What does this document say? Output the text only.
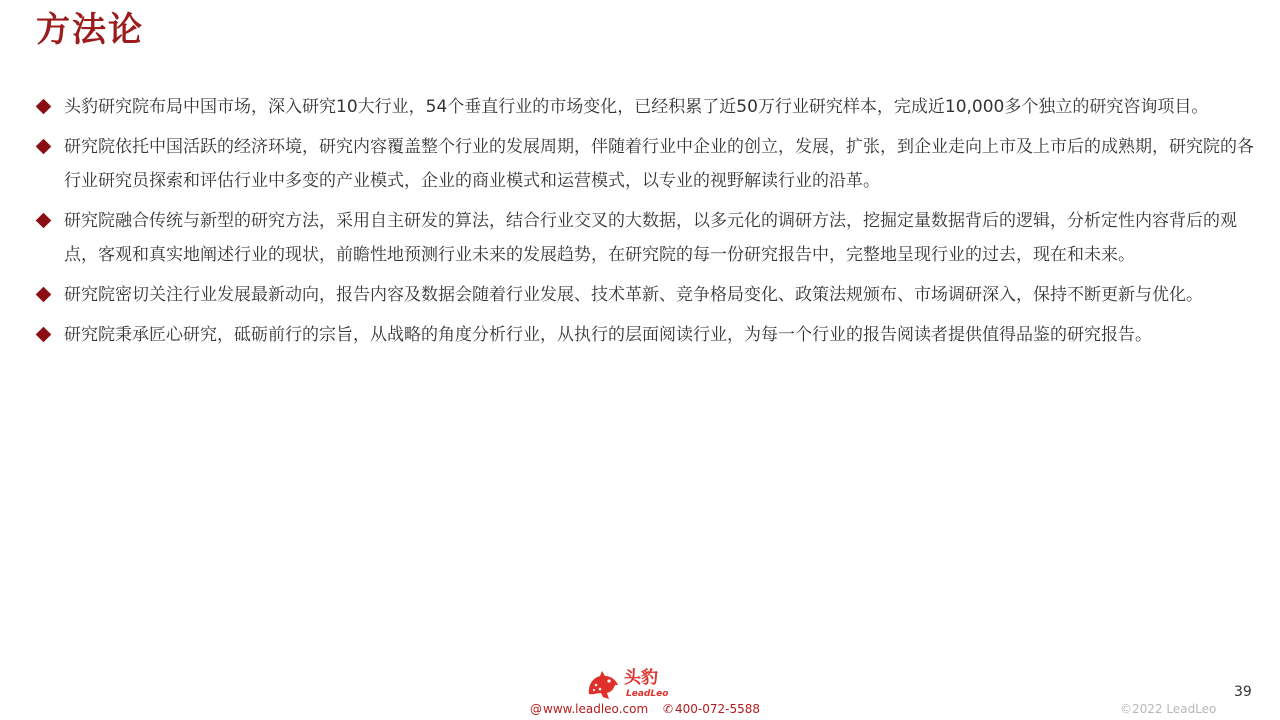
方法论
头豹研究院布局中国市场，深入研究10大行业，54个垂直行业的市场变化，已经积累了近50万行业研究样本，完成近10,000多个独立的研究咨询项目。
研究院依托中国活跃的经济环境，研究内容覆盖整个行业的发展周期，伴随着行业中企业的创立，发展，扩张，到企业走向上市及上市后的成熟期，研究院的各行业研究员探索和评估行业中多变的产业模式，企业的商业模式和运营模式，以专业的视野解读行业的沿革。
研究院融合传统与新型的研究方法，采用自主研发的算法，结合行业交叉的大数据，以多元化的调研方法，挖掘定量数据背后的逻辑，分析定性内容背后的观点，客观和真实地阐述行业的现状，前瞻性地预测行业未来的发展趋势，在研究院的每一份研究报告中，完整地呈现行业的过去，现在和未来。
研究院密切关注行业发展最新动向，报告内容及数据会随着行业发展、技术革新、竞争格局变化、政策法规颁布、市场调研深入，保持不断更新与优化。
研究院秉承匠心研究，砥砺前行的宗旨，从战略的角度分析行业，从执行的层面阅读行业，为每一个行业的报告阅读者提供值得品鉴的研究报告。
头豹
LeadLeo
@www.leadleo.com ✆ 400-072-5588
39
©2022 LeadLeo
